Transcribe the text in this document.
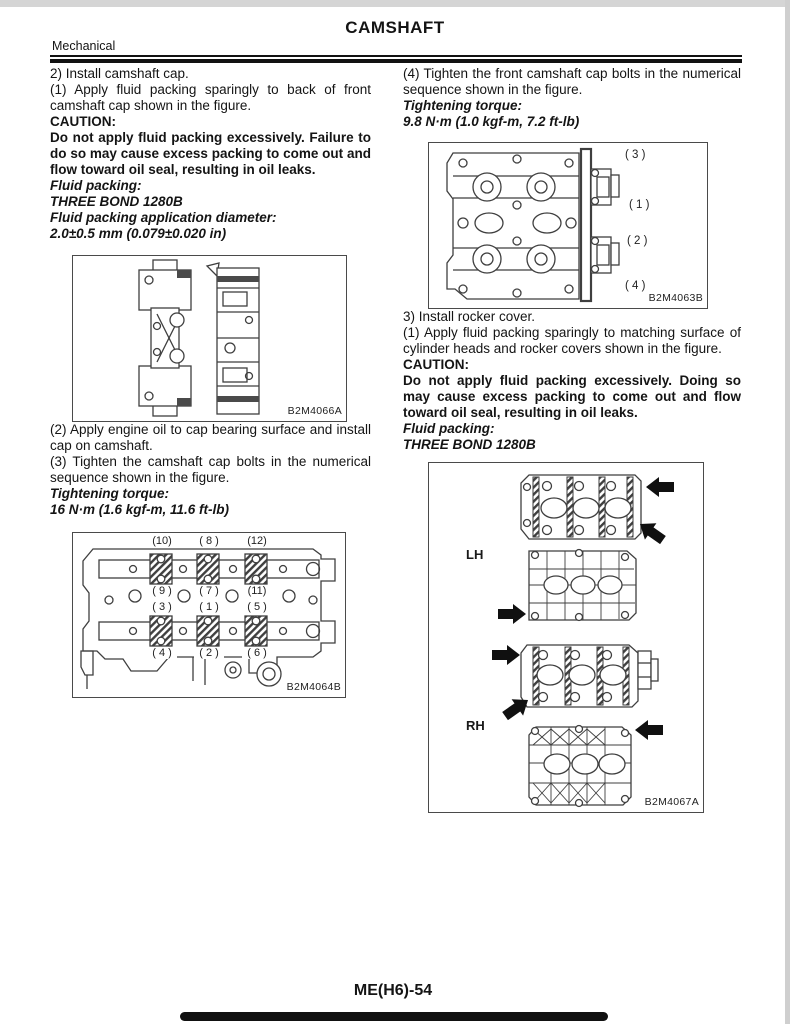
CAMSHAFT
Mechanical

2) Install camshaft cap.

(1) Apply fluid packing sparingly to back of front camshaft cap shown in the figure.

CAUTION:

Do not apply fluid packing excessively. Failure to do so may cause excess packing to come out and flow toward oil seal, resulting in oil leaks.

Fluid packing:

THREE BOND 1280B

Fluid packing application diameter:

2.0±0.5 mm (0.079±0.020 in)

B2M4066A

(2) Apply engine oil to cap bearing surface and install cap on camshaft.

(3) Tighten the camshaft cap bolts in the numerical sequence shown in the figure.

Tightening torque:

16 N·m (1.6 kgf-m, 11.6 ft-lb)

(10)	( 8 )	(12)
( 9 )	( 7 )	(11)
( 3 )	( 1 )	( 5 )
( 4 )	( 2 )	( 6 )
B2M4064B

(4) Tighten the front camshaft cap bolts in the numerical sequence shown in the figure.

Tightening torque:

9.8 N·m (1.0 kgf-m, 7.2 ft-lb)

( 3 )
( 1 )
( 2 )
( 4 )
B2M4063B

3) Install rocker cover.

(1) Apply fluid packing sparingly to matching surface of cylinder heads and rocker covers shown in the figure.

CAUTION:

Do not apply fluid packing excessively. Doing so may cause excess packing to come out and flow toward oil seal, resulting in oil leaks.

Fluid packing:

THREE BOND 1280B

LH
RH
B2M4067A
ME(H6)-54
